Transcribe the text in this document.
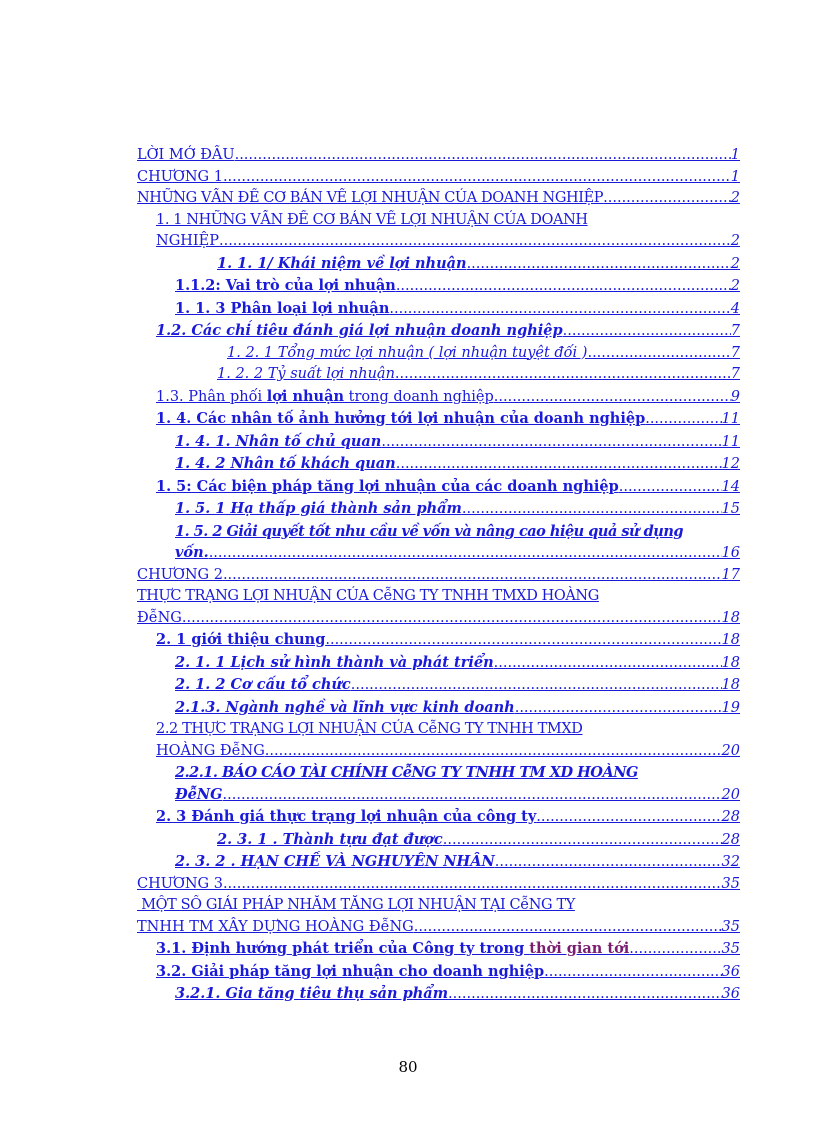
LỜI MỞ ĐẦU .....	1
CHƯƠNG 1 .....	1
NHỮNG VẤN ĐỀ CƠ BẢN VỀ LỢI NHUẬN CỦA DOANH NGHIỆP .....	2
1. 1 NHỮNG VẤN ĐỀ CƠ BẢN VỀ LỢI NHUẬN CỦA DOANH
NGHIỆP .....	2
1. 1. 1/ Khái niệm về lợi nhuận .....	2
1.1.2: Vai trò của lợi nhuận .....	2
1. 1. 3 Phân loại lợi nhuận .....	4
1.2. Các chỉ tiêu đánh giá lợi nhuận doanh nghiệp .....	7
1. 2. 1 Tổng mức lợi nhuận ( lợi nhuận tuyệt đối ) .....	7
1. 2. 2 Tỷ suất lợi nhuận .....	7
1.3. Phân phối lợi nhuận trong doanh nghiệp .....	9
1. 4. Các nhân tố ảnh hưởng tới lợi nhuận của doanh nghiệp .....	11
1. 4. 1. Nhân tố chủ quan .....	11
1. 4. 2 Nhân tố khách quan .....	12
1. 5: Các biện pháp tăng lợi nhuận của các doanh nghiệp .....	14
1. 5. 1 Hạ thấp giá thành sản phẩm .....	15
1. 5. 2 Giải quyết tốt nhu cầu về vốn và nâng cao hiệu quả sử dụng
vốn. .....	16
CHƯƠNG 2 .....	17
THỰC TRẠNG LỢI NHUẬN CỦA CễNG TY TNHH TMXD HOÀNG
ĐễNG .....	18
2. 1 giới thiệu chung .....	18
2. 1. 1 Lịch sử hình thành và phát triển .....	18
2. 1. 2 Cơ cấu tổ chức .....	18
2.1.3. Ngành nghề và lĩnh vực kinh doanh .....	19
2.2 THỰC TRẠNG LỢI NHUẬN CỦA CễNG TY TNHH TMXD
HOÀNG ĐễNG .....	20
2.2.1. BÁO CÁO TÀI CHÍNH CễNG TY TNHH TM XD HOÀNG
ĐễNG .....	20
2. 3 Đánh giá thực trạng lợi nhuận của công ty .....	28
2. 3. 1 . Thành tựu đạt được .....	28
2. 3. 2 . HẠN CHẾ VÀ NGHUYÊN NHÂN .....	32
CHƯƠNG 3 .....	35
MỘT SỐ GIẢI PHÁP NHẰM TĂNG LỢI NHUẬN TẠI CễNG TY
TNHH TM XÂY DỰNG HOÀNG ĐễNG .....	35
3.1. Định hướng phát triển của Công ty trong thời gian tới .....	35
3.2. Giải pháp tăng lợi nhuận cho doanh nghiệp .....	36
3.2.1. Gia tăng tiêu thụ sản phẩm .....	36
80
